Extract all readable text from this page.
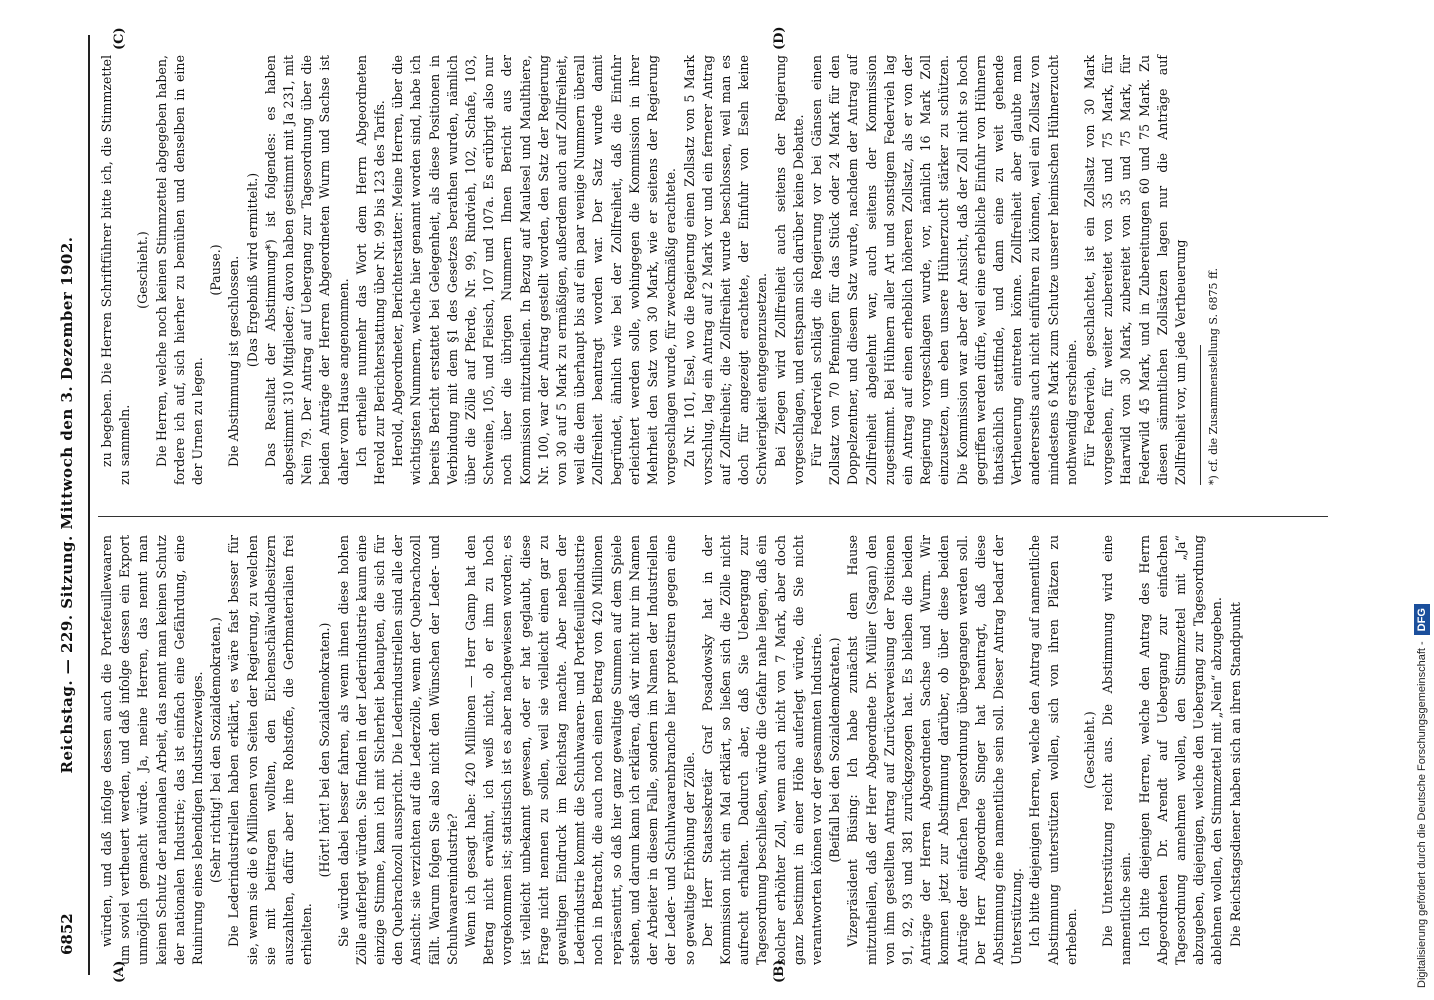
6852
Reichstag. — 229. Sitzung. Mittwoch den 3. Dezember 1902.
(A)	(B)
(C)	(D)

würden, und daß infolge dessen auch die Portefeuillewaaren um soviel vertheuert werden, und daß infolge dessen ein Export unmöglich gemacht würde. Ja, meine Herren, das nennt man keinen Schutz der nationalen Arbeit, das nennt man keinen Schutz der nationalen Industrie; das ist einfach eine Gefährdung, eine Ruinirung eines lebendigen Industriezweiges. (Sehr richtig! bei den Sozialdemokraten.) Die Lederindustriellen haben erklärt, es wäre fast besser für sie, wenn sie die 6 Millionen von Seiten der Regierung, zu welchen sie mit beitragen wollten, den Eichenschälwaldbesitzern auszahlten, dafür aber ihre Rohstoffe, die Gerbmaterialien frei erhielten.

(Hört! hört! bei den Sozialdemokraten.) Sie würden dabei besser fahren, als wenn ihnen diese hohen Zölle auferlegt würden. Sie finden in der Lederindustrie kaum eine einzige Stimme, kann ich mit Sicherheit behaupten, die sich für den Quebrachozoll ausspricht. Die Lederindustriellen sind alle der Ansicht: sie verzichten auf die Lederzölle, wenn der Quebrachozoll fällt. Warum folgen Sie also nicht den Wünschen der Leder- und Schuhwaarenindustrie? Wenn ich gesagt habe: 420 Millionen — Herr Gamp hat den Betrag nicht erwähnt, ich weiß nicht, ob er ihm zu hoch vorgekommen ist; statistisch ist es aber nachgewiesen worden; es ist vielleicht unbekannt gewesen, oder er hat geglaubt, diese Frage nicht nennen zu sollen, weil sie vielleicht einen gar zu gewaltigen Eindruck im Reichstag machte. Aber neben der Lederindustrie kommt die Schuhwaaren- und Portefeuilleindustrie noch in Betracht, die auch noch einen Betrag von 420 Millionen repräsentirt, so daß hier ganz gewaltige Summen auf dem Spiele stehen, und darum kann ich erklären, daß wir nicht nur im Namen der Arbeiter in diesem Falle, sondern im Namen der Industriellen der Leder- und Schuhwaarenbranche hier protestiren gegen eine so gewaltige Erhöhung der Zölle. Der Herr Staatssekretär Graf Posadowsky hat in der Kommission nicht ein Mal erklärt, so ließen sich die Zölle nicht aufrecht erhalten. Dadurch aber, daß Sie Uebergang zur Tagesordnung beschließen, würde die Gefahr nahe liegen, daß ein solcher erhöhter Zoll, wenn auch nicht von 7 Mark, aber doch ganz bestimmt in einer Höhe auferlegt würde, die Sie nicht verantworten können vor der gesammten Industrie. (Beifall bei den Sozialdemokraten.) Vizepräsident Büsing: Ich habe zunächst dem Hause mitzutheilen, daß der Herr Abgeordnete Dr. Müller (Sagan) den von ihm gestellten Antrag auf Zurückverweisung der Positionen 91, 92, 93 und 381 zurückgezogen hat. Es bleiben die beiden Anträge der Herren Abgeordneten Sachse und Wurm. Wir kommen jetzt zur Abstimmung darüber, ob über diese beiden Anträge der einfachen Tagesordnung übergegangen werden soll. Der Herr Abgeordnete Singer hat beantragt, daß diese Abstimmung eine namentliche sein soll. Dieser Antrag bedarf der Unterstützung. Ich bitte diejenigen Herren, welche den Antrag auf namentliche Abstimmung unterstützen wollen, sich von ihren Plätzen zu erheben.

(Geschieht.) Die Unterstützung reicht aus. Die Abstimmung wird eine namentliche sein. Ich bitte diejenigen Herren, welche den Antrag des Herrn Abgeordneten Dr. Arendt auf Uebergang zur einfachen Tagesordnung annehmen wollen, den Stimmzettel mit „Ja“ abzugeben, diejenigen, welche den Uebergang zur Tagesordnung ablehnen wollen, den Stimmzettel mit „Nein“ abzugeben. Die Reichstagsdiener haben sich an ihren Standpunkt

zu begeben. Die Herren Schriftführer bitte ich, die Stimmzettel zu sammeln.

(Geschieht.) Die Herren, welche noch keinen Stimmzettel abgegeben haben, fordere ich auf, sich hierher zu bemühen und denselben in eine der Urnen zu legen.

(Pause.) Die Abstimmung ist geschlossen. (Das Ergebniß wird ermittelt.) Das Resultat der Abstimmung*) ist folgendes: es haben abgestimmt 310 Mitglieder; davon haben gestimmt mit Ja 231, mit Nein 79. Der Antrag auf Uebergang zur Tagesordnung über die beiden Anträge der Herren Abgeordneten Wurm und Sachse ist daher vom Hause angenommen. Ich ertheile nunmehr das Wort dem Herrn Abgeordneten Herold zur Berichterstattung über Nr. 99 bis 123 des Tarifs. Herold, Abgeordneter, Berichterstatter: Meine Herren, über die wichtigsten Nummern, welche hier genannt worden sind, habe ich bereits Bericht erstattet bei Gelegenheit, als diese Positionen in Verbindung mit dem §1 des Gesetzes berathen wurden, nämlich über die Zölle auf Pferde, Nr. 99, Rindvieh, 102, Schafe, 103, Schweine, 105, und Fleisch, 107 und 107a. Es erübrigt also nur noch über die übrigen Nummern Ihnen Bericht aus der Kommission mitzutheilen. In Bezug auf Maulesel und Maulthiere, Nr. 100, war der Antrag gestellt worden, den Satz der Regierung von 30 auf 5 Mark zu ermäßigen, außerdem auch auf Zollfreiheit, weil die dem überhaupt bis auf ein paar wenige Nummern überall Zollfreiheit beantragt worden war. Der Satz wurde damit begründet, ähnlich wie bei der Zollfreiheit, daß die Einfuhr erleichtert werden solle, wohingegen die Kommission in ihrer Mehrheit den Satz von 30 Mark, wie er seitens der Regierung vorgeschlagen wurde, für zweckmäßig erachtete. Zu Nr. 101, Esel, wo die Regierung einen Zollsatz von 5 Mark vorschlug, lag ein Antrag auf 2 Mark vor und ein fernerer Antrag auf Zollfreiheit; die Zollfreiheit wurde beschlossen, weil man es doch für angezeigt erachtete, der Einfuhr von Eseln keine Schwierigkeit entgegenzusetzen. Bei Ziegen wird Zollfreiheit auch seitens der Regierung vorgeschlagen, und entspann sich darüber keine Debatte. Für Federvieh schlägt die Regierung vor bei Gänsen einen Zollsatz von 70 Pfennigen für das Stück oder 24 Mark für den Doppelzentner, und diesem Satz wurde, nachdem der Antrag auf Zollfreiheit abgelehnt war, auch seitens der Kommission zugestimmt. Bei Hühnern aller Art und sonstigem Federvieh lag ein Antrag auf einen erheblich höheren Zollsatz, als er von der Regierung vorgeschlagen wurde, vor, nämlich 16 Mark Zoll einzusetzen, um eben unsere Hühnerzucht stärker zu schützen. Die Kommission war aber der Ansicht, daß der Zoll nicht so hoch gegriffen werden dürfe, weil eine erhebliche Einfuhr von Hühnern thatsächlich stattfinde, und dann eine zu weit gehende Vertheuerung eintreten könne. Zollfreiheit aber glaubte man andererseits auch nicht einführen zu können, weil ein Zollsatz von mindestens 6 Mark zum Schutze unserer heimischen Hühnerzucht nothwendig erscheine. Für Federvieh, geschlachtet, ist ein Zollsatz von 30 Mark vorgesehen, für weiter zubereitet von 35 und 75 Mark, für Haarwild von 30 Mark, zubereitet von 35 und 75 Mark, für Federwild 45 Mark, und in Zubereitungen 60 und 75 Mark. Zu diesen sämmtlichen Zollsätzen lagen nur die Anträge auf Zollfreiheit vor, um jede Vertheuerung *) cf. die Zusammenstellung S. 6875 ff.
Digitalisierung gefördert durch die Deutsche Forschungsgemeinschaft -DFG
